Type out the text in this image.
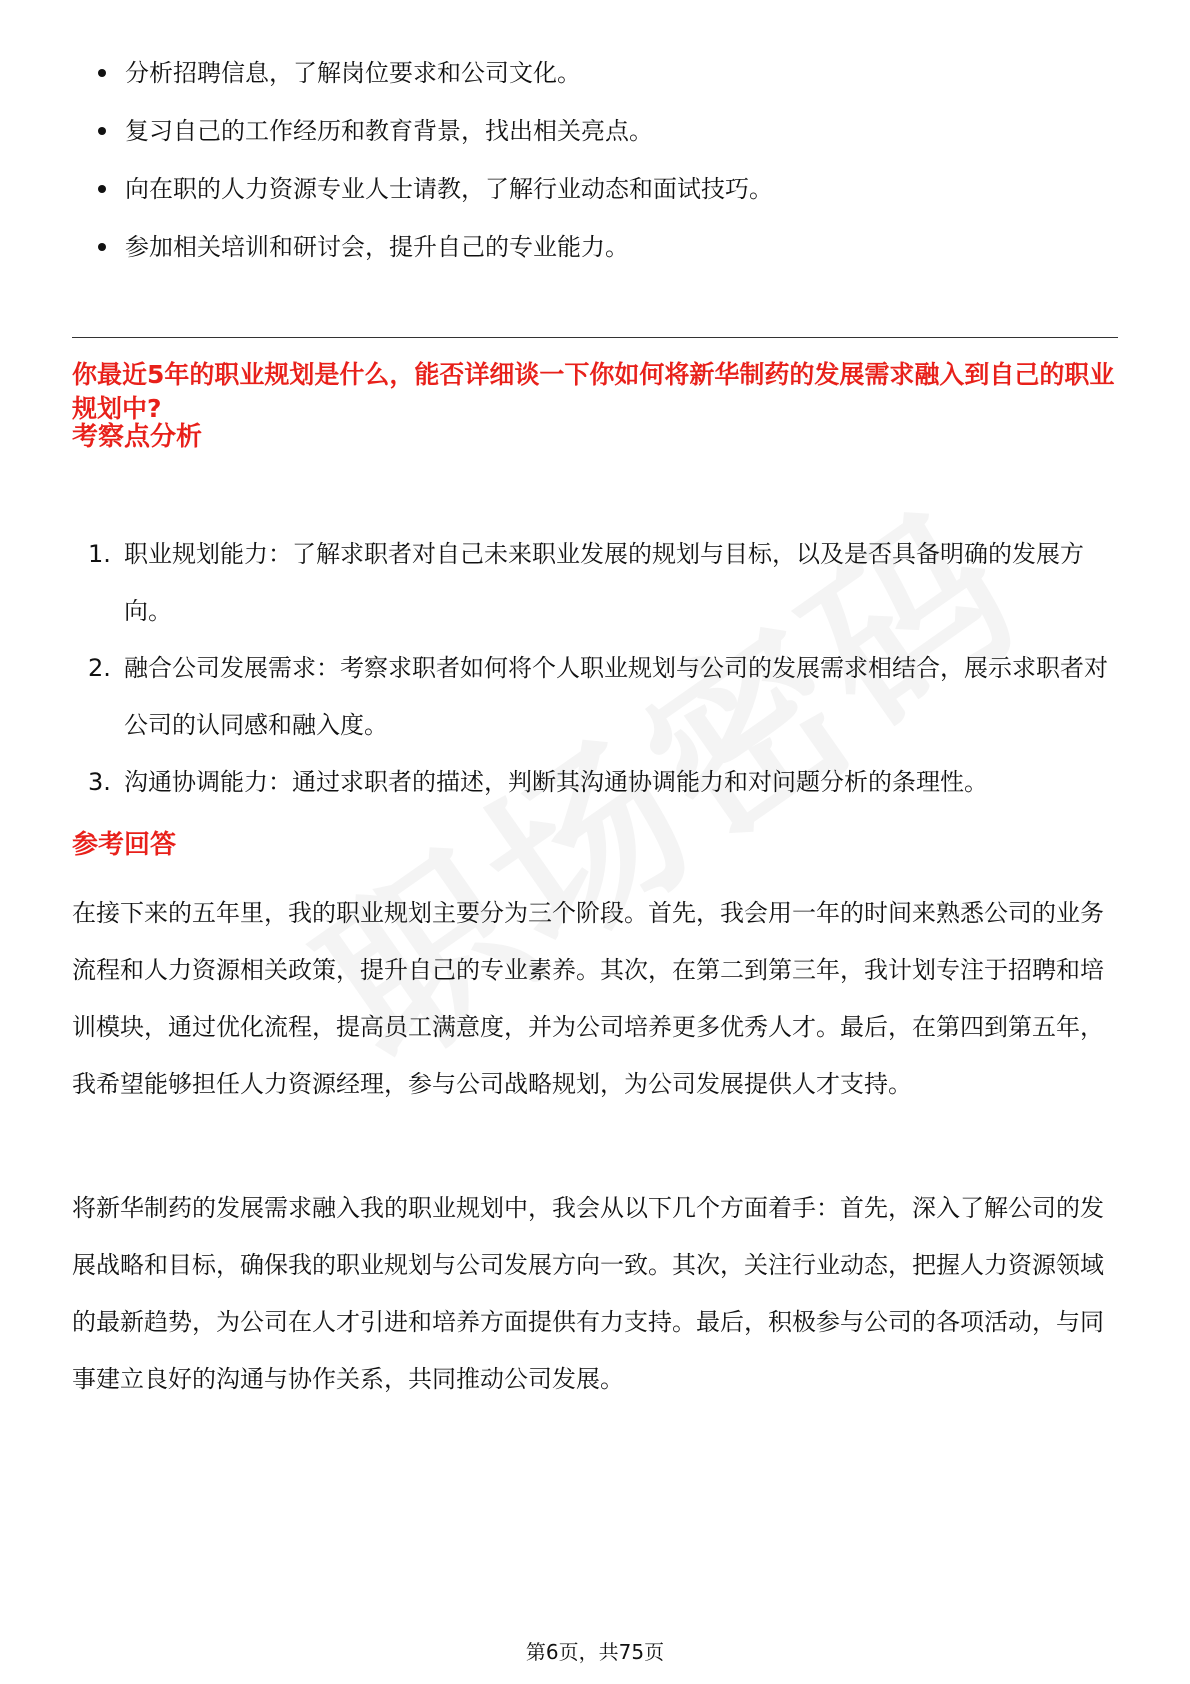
分析招聘信息，了解岗位要求和公司文化。
复习自己的工作经历和教育背景，找出相关亮点。
向在职的人力资源专业人士请教，了解行业动态和面试技巧。
参加相关培训和研讨会，提升自己的专业能力。
你最近5年的职业规划是什么，能否详细谈一下你如何将新华制药的发展需求融入到自己的职业规划中?
考察点分析
1. 职业规划能力：了解求职者对自己未来职业发展的规划与目标，以及是否具备明确的发展方向。
2. 融合公司发展需求：考察求职者如何将个人职业规划与公司的发展需求相结合，展示求职者对公司的认同感和融入度。
3. 沟通协调能力：通过求职者的描述，判断其沟通协调能力和对问题分析的条理性。
参考回答

在接下来的五年里，我的职业规划主要分为三个阶段。首先，我会用一年的时间来熟悉公司的业务流程和人力资源相关政策，提升自己的专业素养。其次，在第二到第三年，我计划专注于招聘和培训模块，通过优化流程，提高员工满意度，并为公司培养更多优秀人才。最后，在第四到第五年，我希望能够担任人力资源经理，参与公司战略规划，为公司发展提供人才支持。

将新华制药的发展需求融入我的职业规划中，我会从以下几个方面着手：首先，深入了解公司的发展战略和目标，确保我的职业规划与公司发展方向一致。其次，关注行业动态，把握人力资源领域的最新趋势，为公司在人才引进和培养方面提供有力支持。最后，积极参与公司的各项活动，与同事建立良好的沟通与协作关系，共同推动公司发展。

第6页，共75页
